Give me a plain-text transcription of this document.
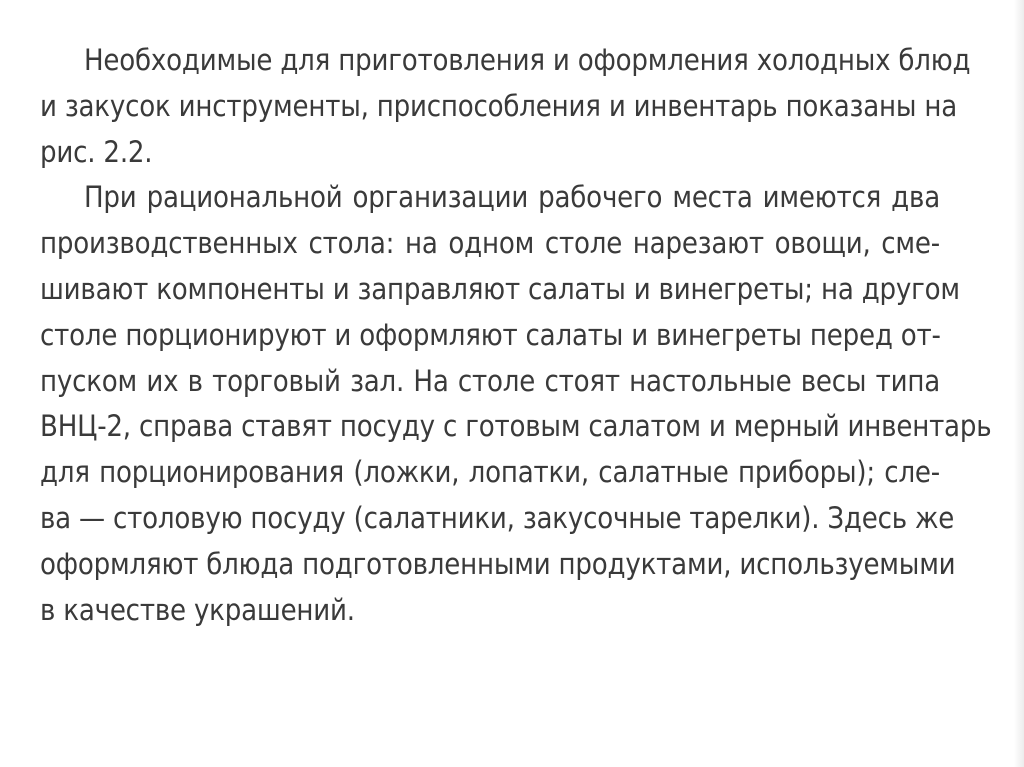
Необходимые для приготовления и оформления холодных блюд
и закусок инструменты, приспособления и инвентарь показаны на
рис. 2.2.
При рациональной организации рабочего места имеются два
производственных стола: на одном столе нарезают овощи, сме-
шивают компоненты и заправляют салаты и винегреты; на другом
столе порционируют и оформляют салаты и винегреты перед от-
пуском их в торговый зал. На столе стоят настольные весы типа
ВНЦ-2, справа ставят посуду с готовым салатом и мерный инвентарь
для порционирования (ложки, лопатки, салатные приборы); сле-
ва — столовую посуду (салатники, закусочные тарелки). Здесь же
оформляют блюда подготовленными продуктами, используемыми
в качестве украшений.
